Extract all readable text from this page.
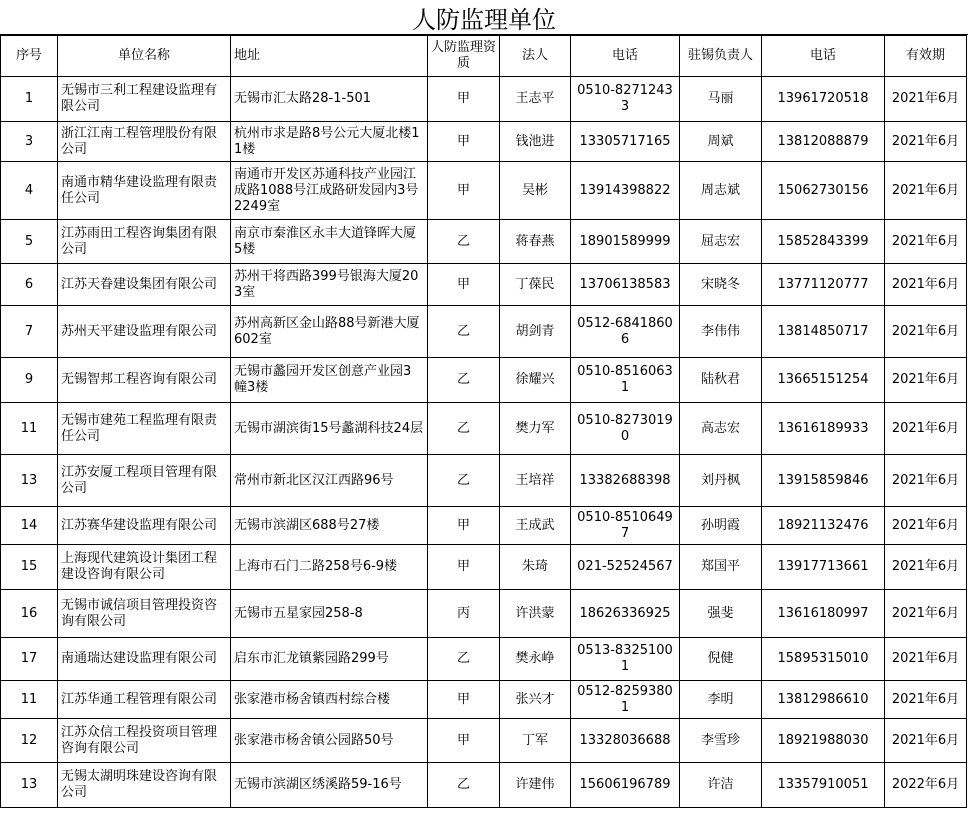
人防监理单位
序号	单位名称	地址	人防监理资质	法人	电话	驻锡负责人	电话	有效期
1	无锡市三利工程建设监理有限公司	无锡市汇太路28-1-501	甲	王志平	0510-82712433	马丽	13961720518	2021年6月
3	浙江江南工程管理股份有限公司	杭州市求是路8号公元大厦北楼11楼	甲	钱池进	13305717165	周斌	13812088879	2021年6月
4	南通市精华建设监理有限责任公司	南通市开发区苏通科技产业园江成路1088号江成路研发园内3号2249室	甲	吴彬	13914398822	周志斌	15062730156	2021年6月
5	江苏雨田工程咨询集团有限公司	南京市秦淮区永丰大道锋晖大厦5楼	乙	蒋春燕	18901589999	屈志宏	15852843399	2021年6月
6	江苏天眷建设集团有限公司	苏州干将西路399号银海大厦203室	甲	丁葆民	13706138583	宋晓冬	13771120777	2021年6月
7	苏州天平建设监理有限公司	苏州高新区金山路88号新港大厦602室	乙	胡剑青	0512-68418606	李伟伟	13814850717	2021年6月
9	无锡智邦工程咨询有限公司	无锡市蠡园开发区创意产业园3幢3楼	乙	徐耀兴	0510-85160631	陆秋君	13665151254	2021年6月
11	无锡市建苑工程监理有限责任公司	无锡市湖滨街15号蠡湖科技24层	乙	樊力军	0510-82730190	高志宏	13616189933	2021年6月
13	江苏安厦工程项目管理有限公司	常州市新北区汉江西路96号	乙	王培祥	13382688398	刘丹枫	13915859846	2021年6月
14	江苏赛华建设监理有限公司	无锡市滨湖区688号27楼	甲	王成武	0510-85106497	孙明霞	18921132476	2021年6月
15	上海现代建筑设计集团工程建设咨询有限公司	上海市石门二路258号6-9楼	甲	朱琦	021-52524567	郑国平	13917713661	2021年6月
16	无锡市诚信项目管理投资咨询有限公司	无锡市五星家园258-8	丙	许洪蒙	18626336925	强斐	13616180997	2021年6月
17	南通瑞达建设监理有限公司	启东市汇龙镇紫园路299号	乙	樊永峥	0513-83251001	倪健	15895315010	2021年6月
11	江苏华通工程管理有限公司	张家港市杨舍镇西村综合楼	甲	张兴才	0512-82593801	李明	13812986610	2021年6月
12	江苏众信工程投资项目管理咨询有限公司	张家港市杨舍镇公园路50号	甲	丁军	13328036688	李雪珍	18921988030	2021年6月
13	无锡太湖明珠建设咨询有限公司	无锡市滨湖区绣溪路59-16号	乙	许建伟	15606196789	许洁	13357910051	2022年6月
